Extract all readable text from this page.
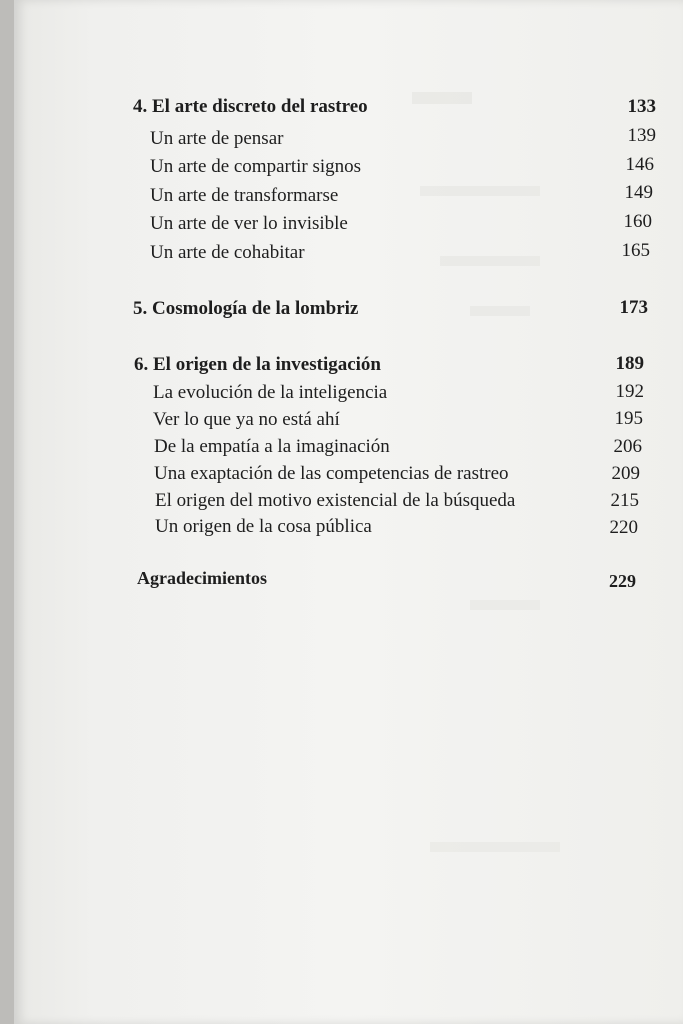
4. El arte discreto del rastreo	133
Un arte de pensar	139
Un arte de compartir signos	146
Un arte de transformarse	149
Un arte de ver lo invisible	160
Un arte de cohabitar	165
5. Cosmología de la lombriz	173
6. El origen de la investigación	189
La evolución de la inteligencia	192
Ver lo que ya no está ahí	195
De la empatía a la imaginación	206
Una exaptación de las competencias de rastreo	209
El origen del motivo existencial de la búsqueda	215
Un origen de la cosa pública	220
Agradecimientos	229
